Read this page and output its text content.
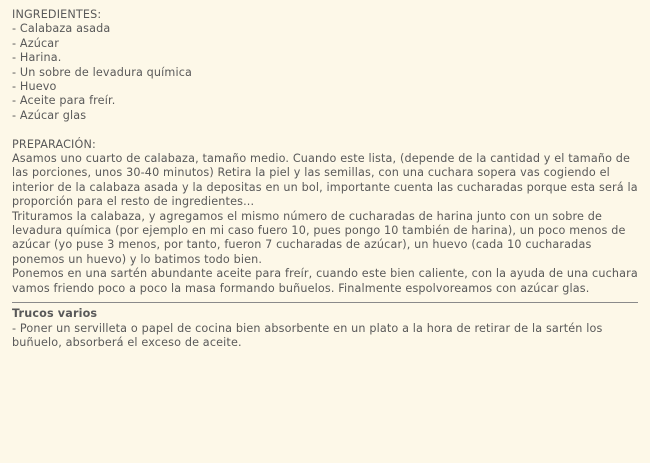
INGREDIENTES:

- Calabaza asada
- Azúcar
- Harina.
- Un sobre de levadura química
- Huevo
- Aceite para freír.
- Azúcar glas

PREPARACIÓN:

Asamos uno cuarto de calabaza, tamaño medio. Cuando este lista, (depende de la cantidad y el tamaño de las porciones, unos 30-40 minutos) Retira la piel y las semillas, con una cuchara sopera vas cogiendo el interior de la calabaza asada y la depositas en un bol, importante cuenta las cucharadas porque esta será la proporción para el resto de ingredientes...

Trituramos la calabaza, y agregamos el mismo número de cucharadas de harina junto con un sobre de levadura química (por ejemplo en mi caso fuero 10, pues pongo 10 también de harina), un poco menos de azúcar (yo puse 3 menos, por tanto, fueron 7 cucharadas de azúcar), un huevo (cada 10 cucharadas ponemos un huevo) y lo batimos todo bien.

Ponemos en una sartén abundante aceite para freír, cuando este bien caliente, con la ayuda de una cuchara vamos friendo poco a poco la masa formando buñuelos. Finalmente espolvoreamos con azúcar glas.

Trucos varios

- Poner un servilleta o papel de cocina bien absorbente en un plato a la hora de retirar de la sartén los buñuelo, absorberá el exceso de aceite.
